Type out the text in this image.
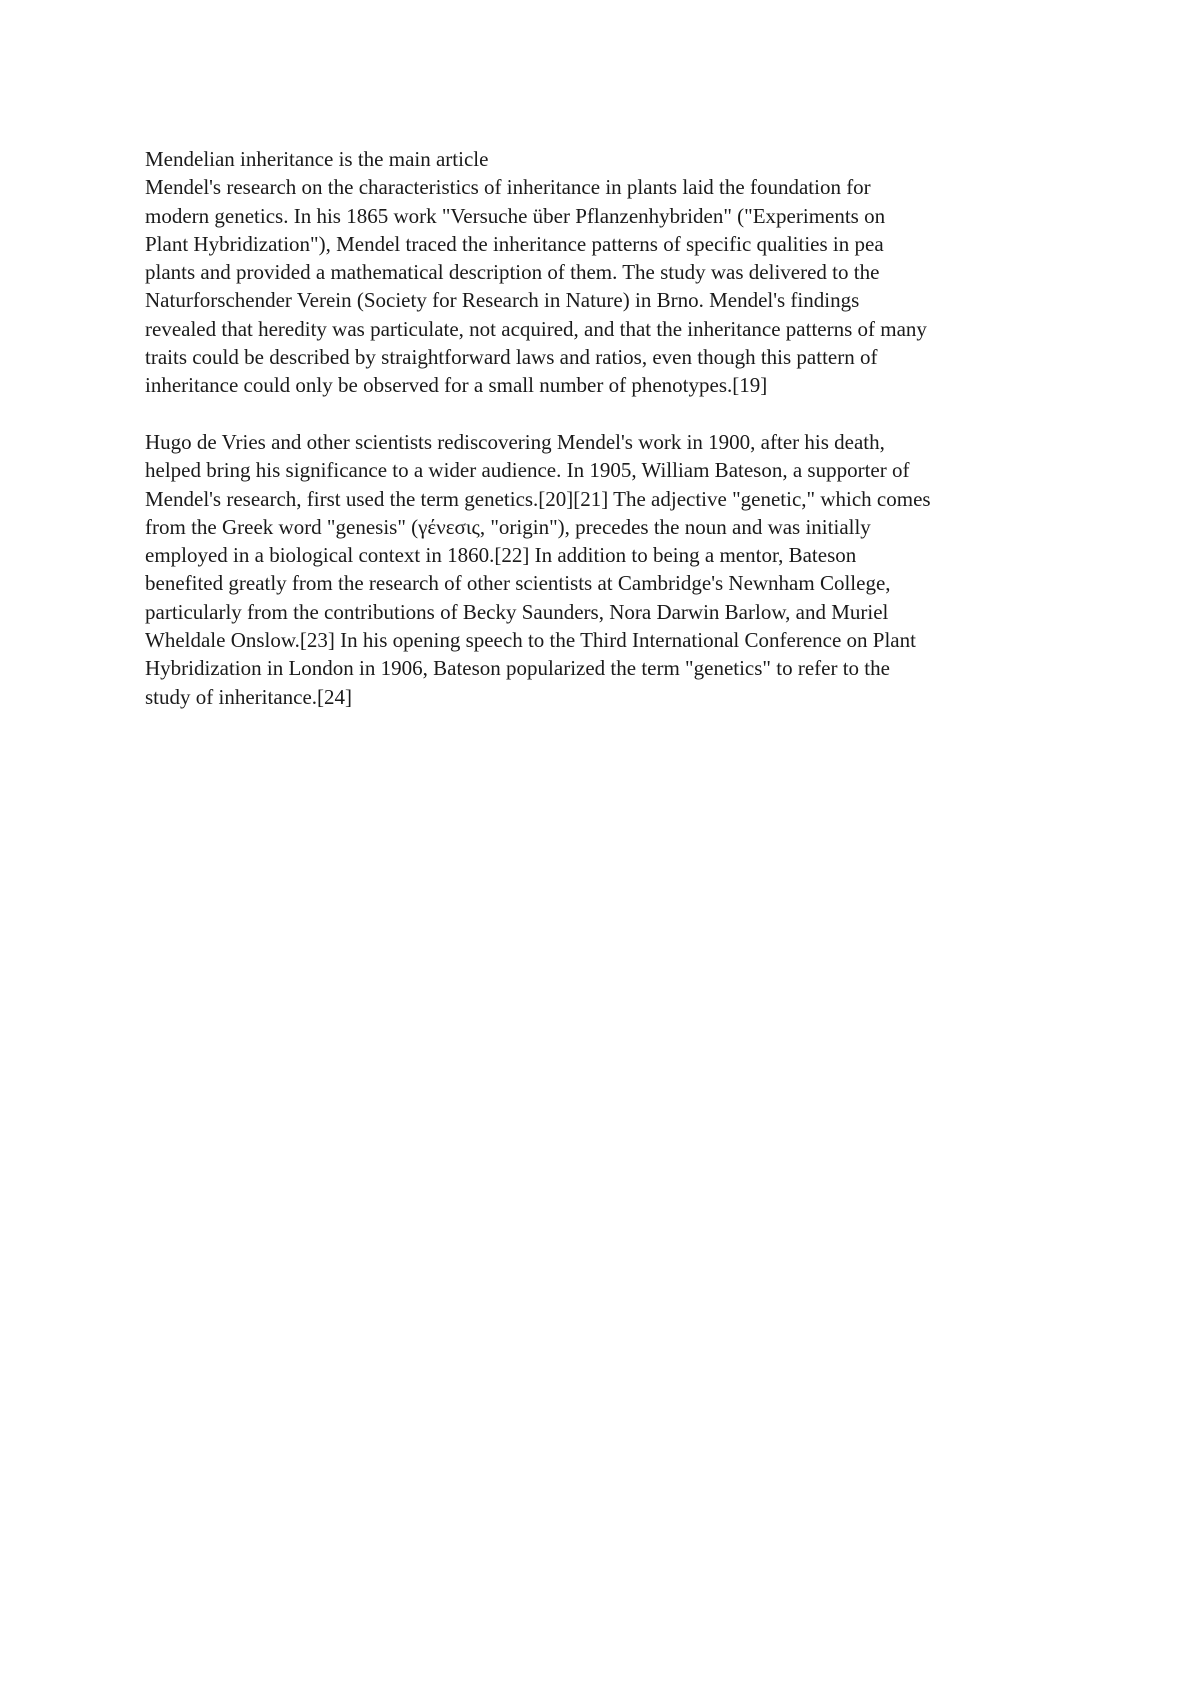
Mendelian inheritance is the main article
Mendel's research on the characteristics of inheritance in plants laid the foundation for
modern genetics. In his 1865 work "Versuche über Pflanzenhybriden" ("Experiments on
Plant Hybridization"), Mendel traced the inheritance patterns of specific qualities in pea
plants and provided a mathematical description of them. The study was delivered to the
Naturforschender Verein (Society for Research in Nature) in Brno. Mendel's findings
revealed that heredity was particulate, not acquired, and that the inheritance patterns of many
traits could be described by straightforward laws and ratios, even though this pattern of
inheritance could only be observed for a small number of phenotypes.[19]
Hugo de Vries and other scientists rediscovering Mendel's work in 1900, after his death,
helped bring his significance to a wider audience. In 1905, William Bateson, a supporter of
Mendel's research, first used the term genetics.[20][21] The adjective "genetic," which comes
from the Greek word "genesis" (γένεσις, "origin"), precedes the noun and was initially
employed in a biological context in 1860.[22] In addition to being a mentor, Bateson
benefited greatly from the research of other scientists at Cambridge's Newnham College,
particularly from the contributions of Becky Saunders, Nora Darwin Barlow, and Muriel
Wheldale Onslow.[23] In his opening speech to the Third International Conference on Plant
Hybridization in London in 1906, Bateson popularized the term "genetics" to refer to the
study of inheritance.[24]
